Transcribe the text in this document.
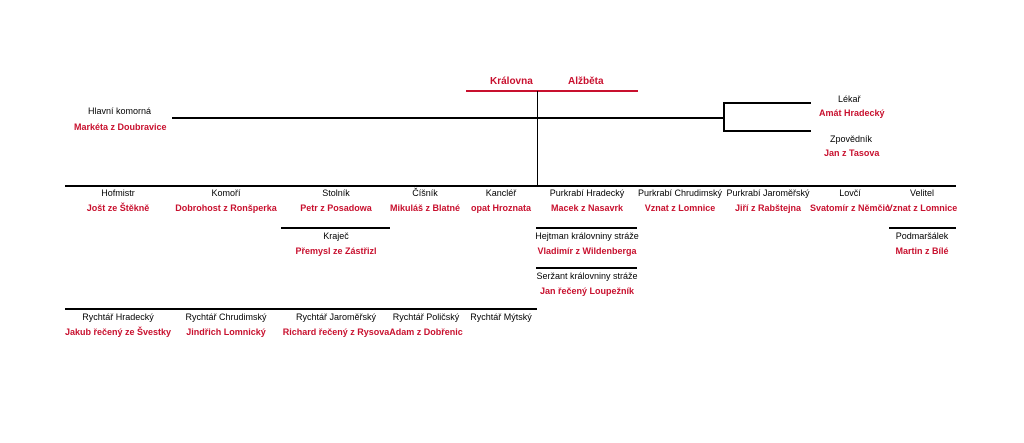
Královna	Alžběta
Hlavní komorná
Markéta z Doubravice
Lékař
Amát Hradecký
Zpovědník
Jan z Tasova
Hofmistr
Jošt ze Štěkně
Komoří
Dobrohost z Ronšperka
Stolník
Petr z Posadowa
Číšník
Mikuláš z Blatné
Kancléř
opat Hroznata
Purkrabí Hradecký
Macek z Nasavrk
Purkrabí Chrudimský
Vznat z Lomnice
Purkrabí Jaroměřský
Jiří z Rabštejna
Lovčí
Svatomír z Němčic
Velitel
Vznat z Lomnice
Kraječ
Přemysl ze Zástřizl
Hejtman královniny stráže
Vladimír z Wildenberga
Seržant královniny stráže
Jan řečený Loupežník
Podmaršálek
Martin z Bílé
Rychtář Hradecký
Jakub řečený ze Švestky
Rychtář Chrudimský
Jindřich Lomnický
Rychtář Jaroměřský
Richard řečený z Rysova
Rychtář Poličský
Adam z Dobřenic
Rychtář Mýtský
